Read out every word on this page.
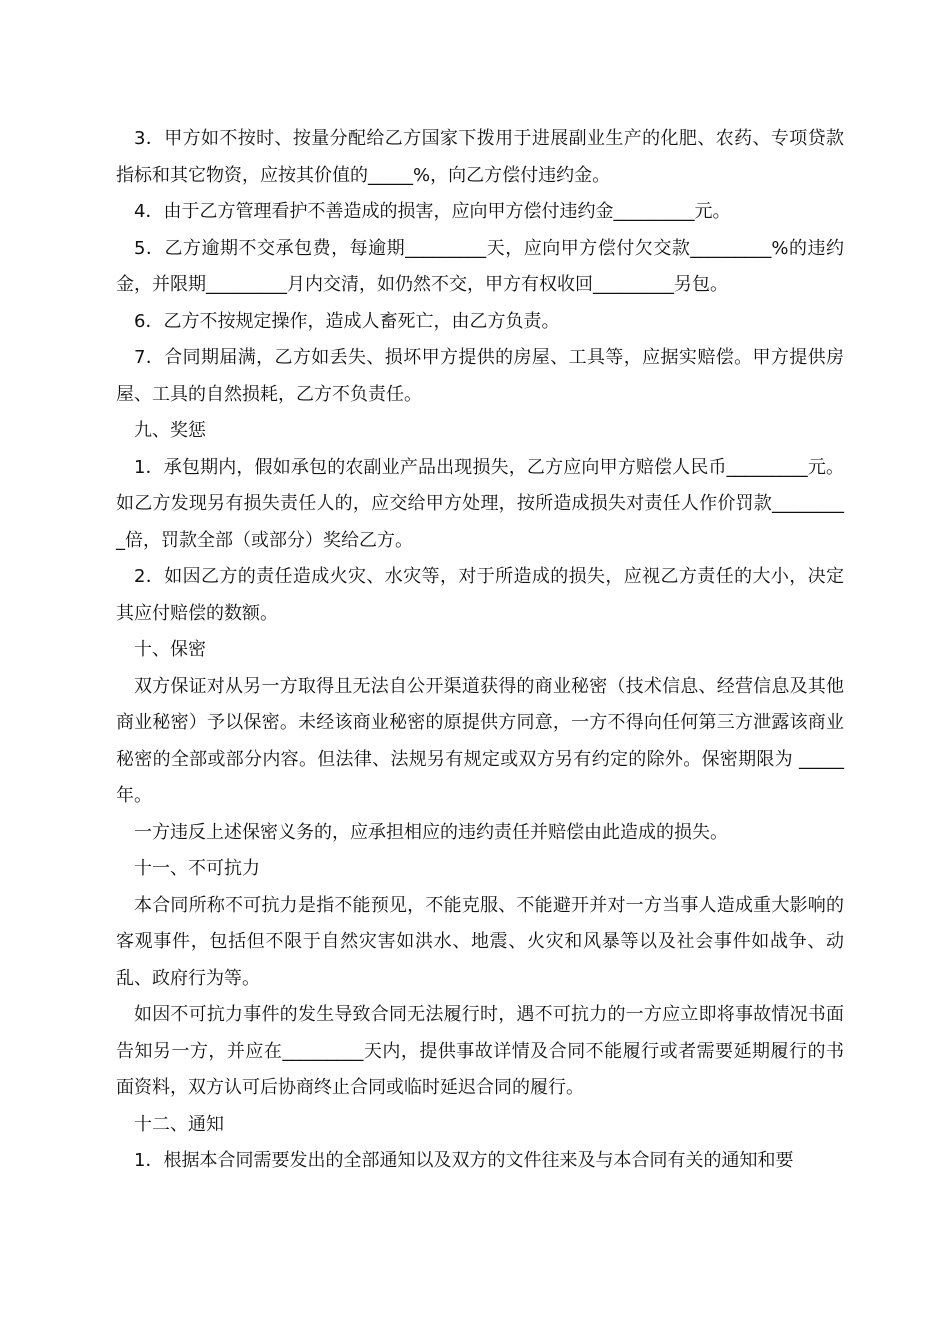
3．甲方如不按时、按量分配给乙方国家下拨用于进展副业生产的化肥、农药、专项贷款指标和其它物资，应按其价值的_____%，向乙方偿付违约金。

4．由于乙方管理看护不善造成的损害，应向甲方偿付违约金_________元。

5．乙方逾期不交承包费，每逾期_________天，应向甲方偿付欠交款_________%的违约金，并限期_________月内交清，如仍然不交，甲方有权收回_________另包。

6．乙方不按规定操作，造成人畜死亡，由乙方负责。

7．合同期届满，乙方如丢失、损坏甲方提供的房屋、工具等，应据实赔偿。甲方提供房屋、工具的自然损耗，乙方不负责任。

九、奖惩

1．承包期内，假如承包的农副业产品出现损失，乙方应向甲方赔偿人民币_________元。如乙方发现另有损失责任人的，应交给甲方处理，按所造成损失对责任人作价罚款_________倍，罚款全部（或部分）奖给乙方。

2．如因乙方的责任造成火灾、水灾等，对于所造成的损失，应视乙方责任的大小，决定其应付赔偿的数额。

十、保密

双方保证对从另一方取得且无法自公开渠道获得的商业秘密（技术信息、经营信息及其他商业秘密）予以保密。未经该商业秘密的原提供方同意，一方不得向任何第三方泄露该商业秘密的全部或部分内容。但法律、法规另有规定或双方另有约定的除外。保密期限为 _____年。

一方违反上述保密义务的，应承担相应的违约责任并赔偿由此造成的损失。

十一、不可抗力

本合同所称不可抗力是指不能预见，不能克服、不能避开并对一方当事人造成重大影响的客观事件，包括但不限于自然灾害如洪水、地震、火灾和风暴等以及社会事件如战争、动乱、政府行为等。

如因不可抗力事件的发生导致合同无法履行时，遇不可抗力的一方应立即将事故情况书面告知另一方，并应在_________天内，提供事故详情及合同不能履行或者需要延期履行的书面资料，双方认可后协商终止合同或临时延迟合同的履行。

十二、通知

1．根据本合同需要发出的全部通知以及双方的文件往来及与本合同有关的通知和要
